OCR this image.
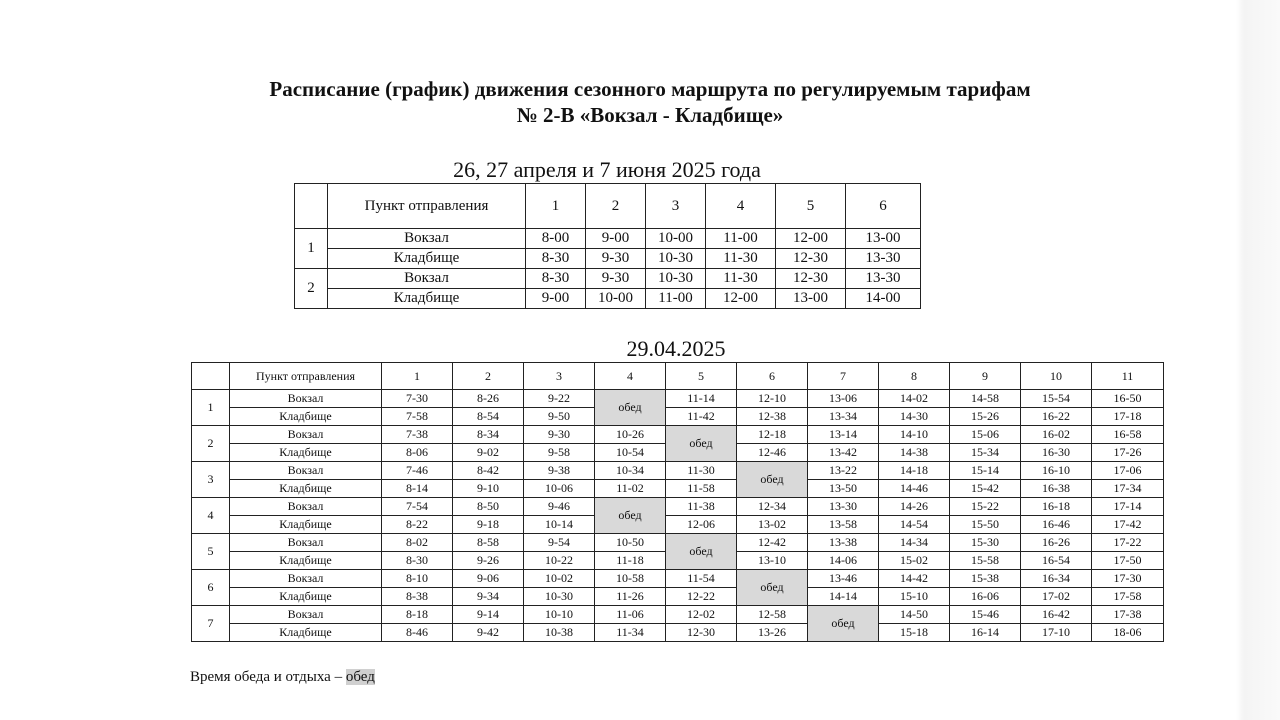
Расписание (график) движения сезонного маршрута по регулируемым тарифам
№ 2-В «Вокзал - Кладбище»
26, 27 апреля и 7 июня 2025 года
	Пункт отправления	1	2	3	4	5	6
1	Вокзал	8-00	9-00	10-00	11-00	12-00	13-00
	Кладбище	8-30	9-30	10-30	11-30	12-30	13-30
2	Вокзал	8-30	9-30	10-30	11-30	12-30	13-30
	Кладбище	9-00	10-00	11-00	12-00	13-00	14-00
29.04.2025
	Пункт отправления	1	2	3	4	5	6	7	8	9	10	11
1	Вокзал	7-30	8-26	9-22	обед	11-14	12-10	13-06	14-02	14-58	15-54	16-50
	Кладбище	7-58	8-54	9-50		11-42	12-38	13-34	14-30	15-26	16-22	17-18
2	Вокзал	7-38	8-34	9-30	10-26	обед	12-18	13-14	14-10	15-06	16-02	16-58
	Кладбище	8-06	9-02	9-58	10-54		12-46	13-42	14-38	15-34	16-30	17-26
3	Вокзал	7-46	8-42	9-38	10-34	11-30	обед	13-22	14-18	15-14	16-10	17-06
	Кладбище	8-14	9-10	10-06	11-02	11-58		13-50	14-46	15-42	16-38	17-34
4	Вокзал	7-54	8-50	9-46	обед	11-38	12-34	13-30	14-26	15-22	16-18	17-14
	Кладбище	8-22	9-18	10-14		12-06	13-02	13-58	14-54	15-50	16-46	17-42
5	Вокзал	8-02	8-58	9-54	10-50	обед	12-42	13-38	14-34	15-30	16-26	17-22
	Кладбище	8-30	9-26	10-22	11-18		13-10	14-06	15-02	15-58	16-54	17-50
6	Вокзал	8-10	9-06	10-02	10-58	11-54	обед	13-46	14-42	15-38	16-34	17-30
	Кладбище	8-38	9-34	10-30	11-26	12-22		14-14	15-10	16-06	17-02	17-58
7	Вокзал	8-18	9-14	10-10	11-06	12-02	12-58	обед	14-50	15-46	16-42	17-38
	Кладбище	8-46	9-42	10-38	11-34	12-30	13-26		15-18	16-14	17-10	18-06
Время обеда и отдыха – обед
